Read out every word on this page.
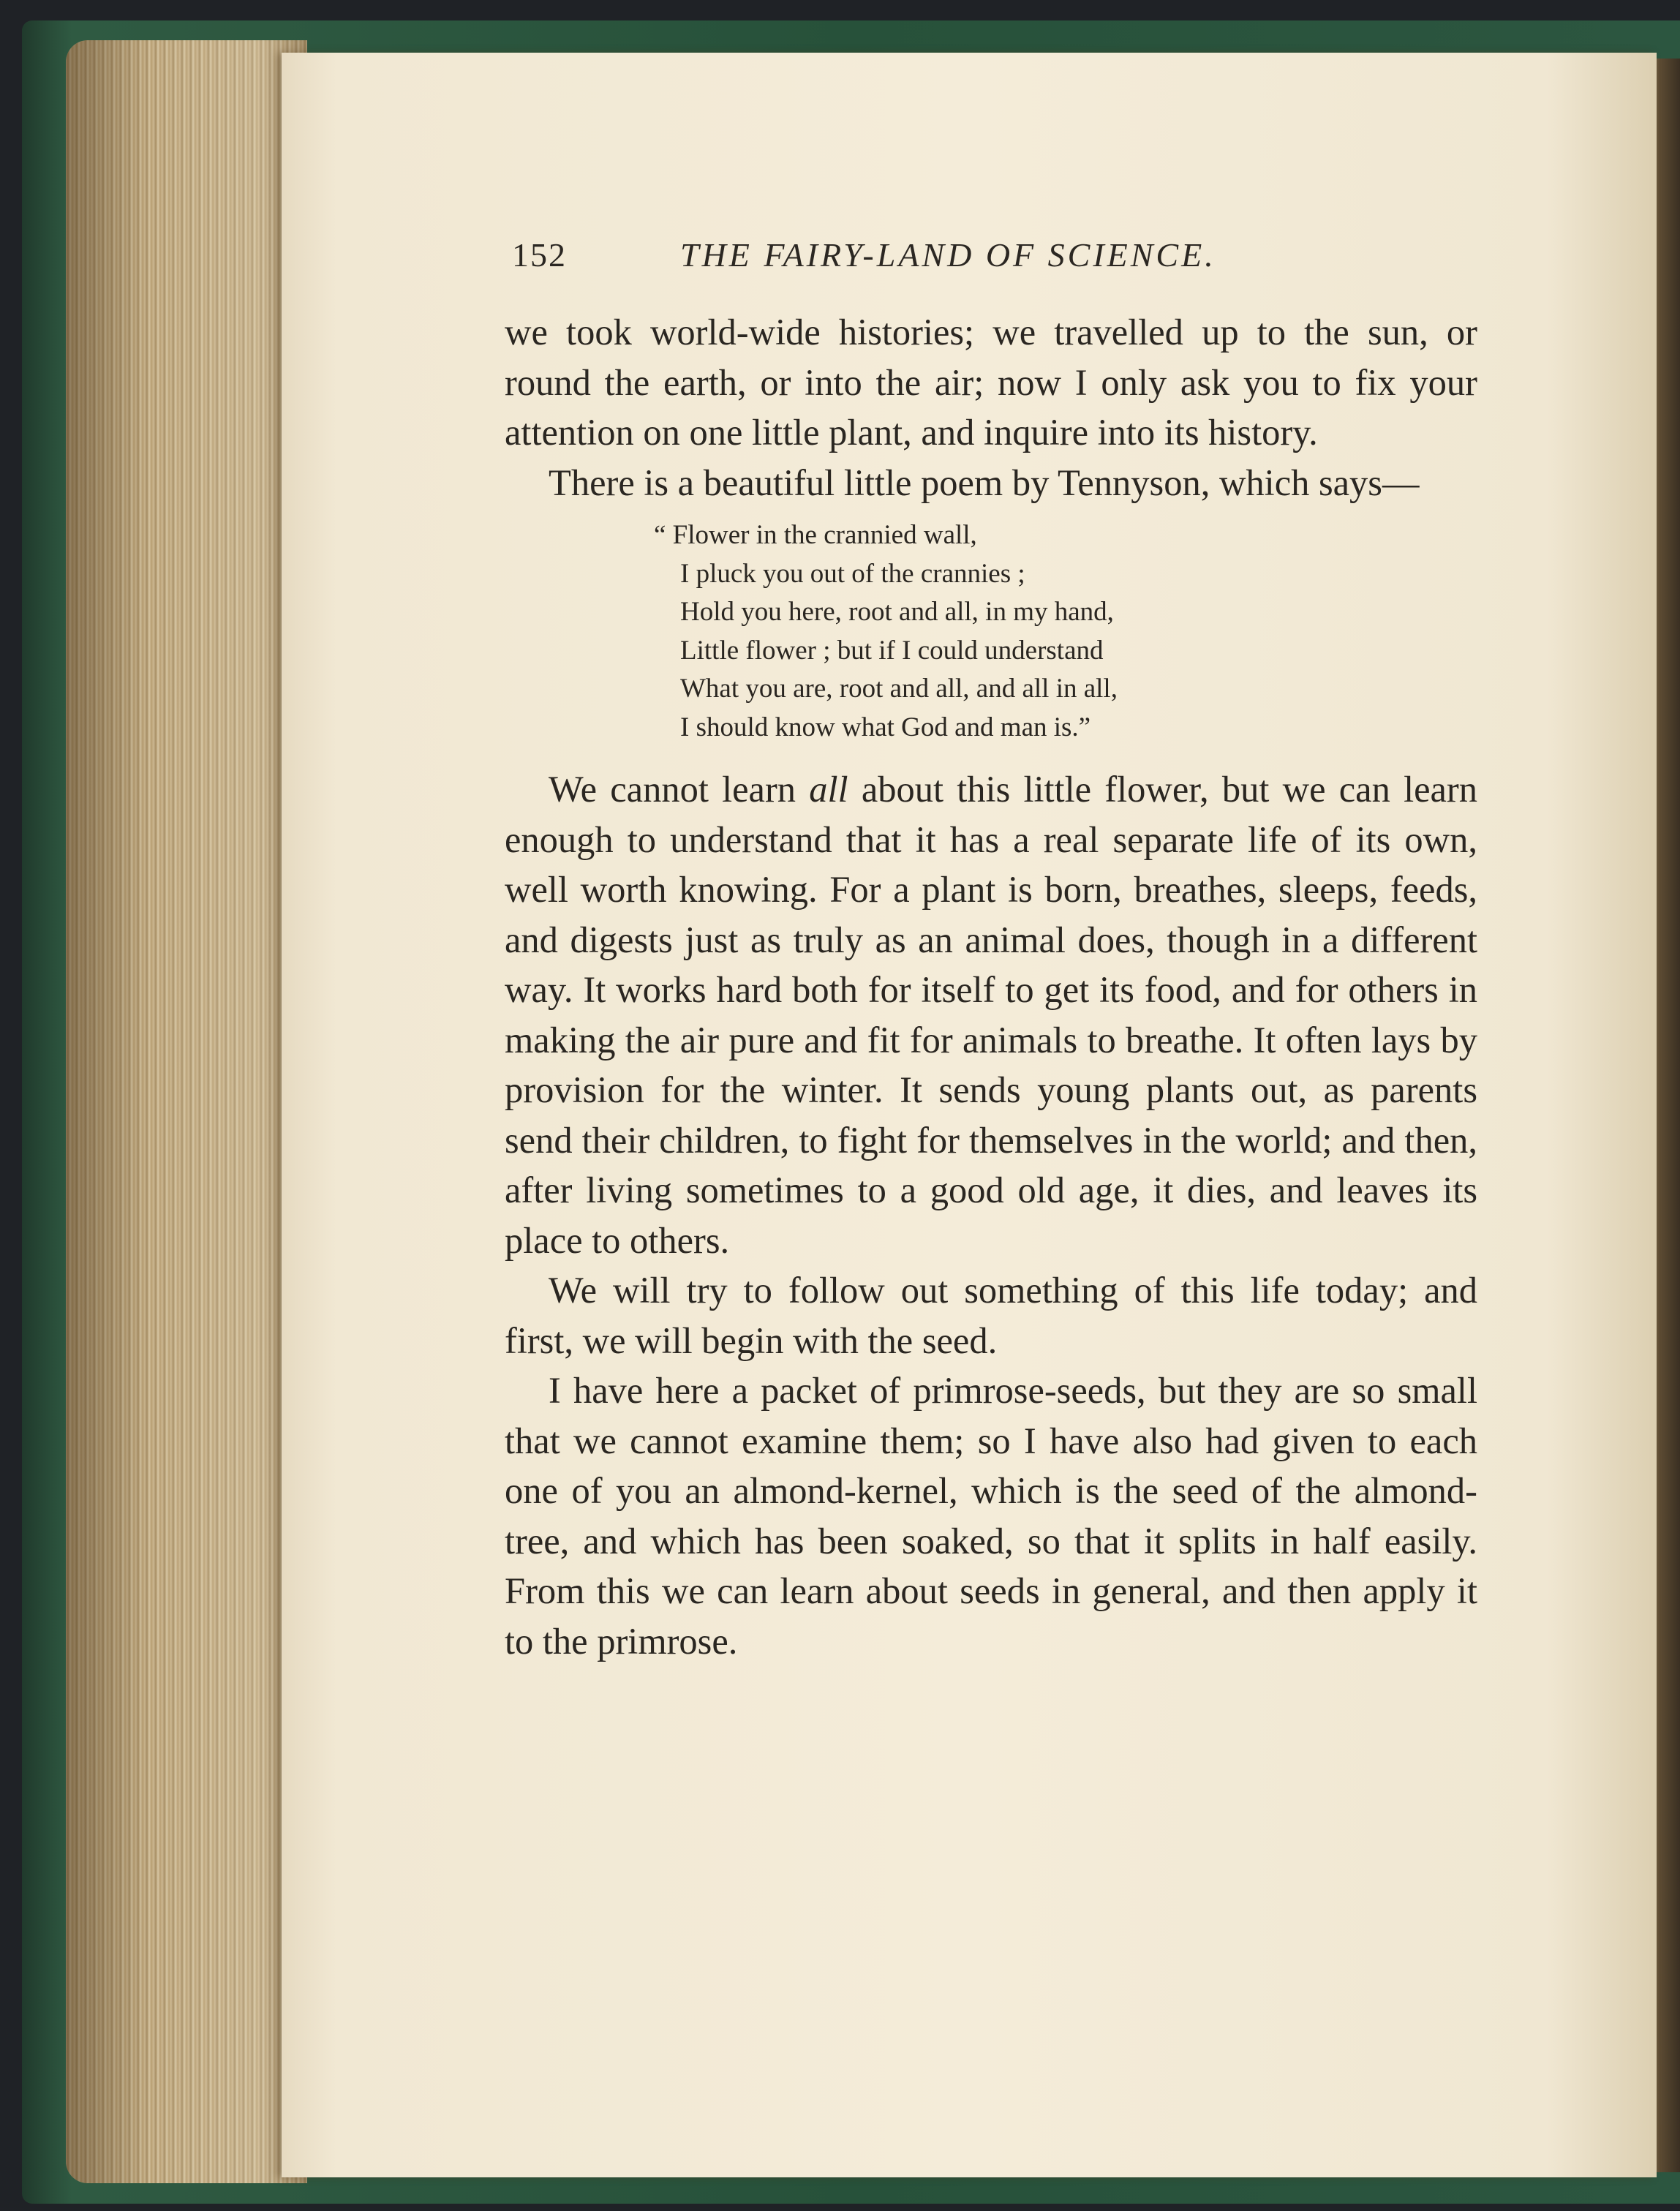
152	THE FAIRY-LAND OF SCIENCE.

we took world-wide histories; we travelled up to the sun, or round the earth, or into the air; now I only ask you to fix your attention on one little plant, and inquire into its history.

There is a beautiful little poem by Tennyson, which says—

“ Flower in the crannied wall,
I pluck you out of the crannies ;
Hold you here, root and all, in my hand,
Little flower ; but if I could understand
What you are, root and all, and all in all,
I should know what God and man is.”

We cannot learn all about this little flower, but we can learn enough to understand that it has a real separate life of its own, well worth knowing. For a plant is born, breathes, sleeps, feeds, and digests just as truly as an animal does, though in a different way. It works hard both for itself to get its food, and for others in making the air pure and fit for animals to breathe. It often lays by provision for the winter. It sends young plants out, as parents send their children, to fight for themselves in the world; and then, after living sometimes to a good old age, it dies, and leaves its place to others.

We will try to follow out something of this life today; and first, we will begin with the seed.

I have here a packet of primrose-seeds, but they are so small that we cannot examine them; so I have also had given to each one of you an almond-kernel, which is the seed of the almond-tree, and which has been soaked, so that it splits in half easily. From this we can learn about seeds in general, and then apply it to the primrose.
